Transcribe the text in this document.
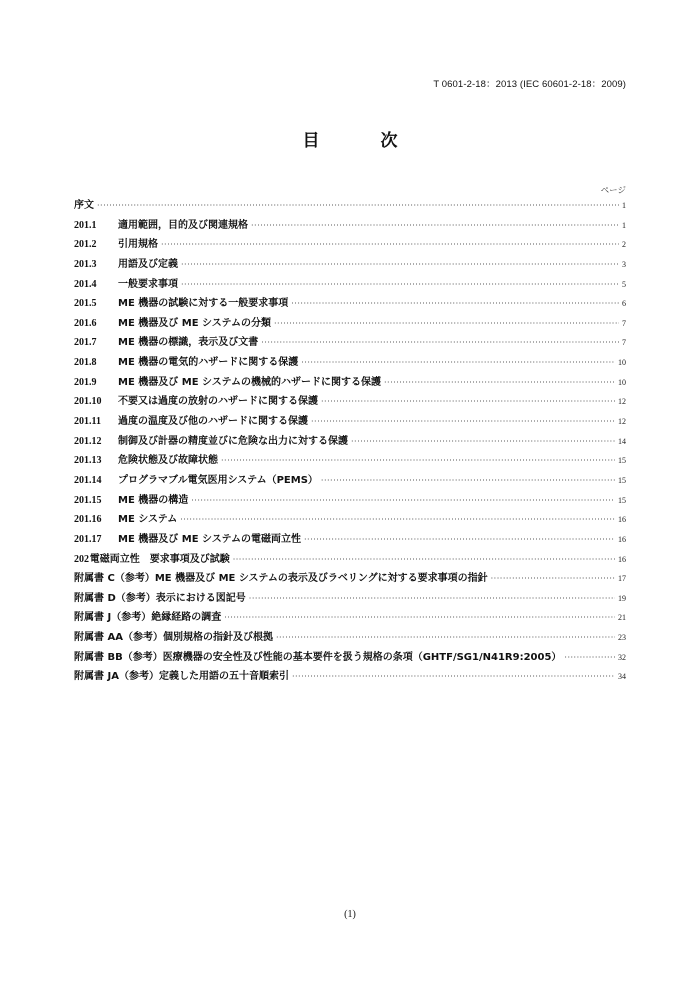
T 0601-2-18：2013 (IEC 60601-2-18：2009)
目　次
ページ
序文 ·····	1
201.1	適用範囲，目的及び関連規格 ·····	1
201.2	引用規格 ·····	2
201.3	用語及び定義 ·····	3
201.4	一般要求事項 ·····	5
201.5	ME 機器の試験に対する一般要求事項 ·····	6
201.6	ME 機器及び ME システムの分類 ·····	7
201.7	ME 機器の標識，表示及び文書 ·····	7
201.8	ME 機器の電気的ハザードに関する保護 ·····	10
201.9	ME 機器及び ME システムの機械的ハザードに関する保護 ·····	10
201.10	不要又は過度の放射のハザードに関する保護 ·····	12
201.11	過度の温度及び他のハザードに関する保護 ·····	12
201.12	制御及び計器の精度並びに危険な出力に対する保護 ·····	14
201.13	危険状態及び故障状態 ·····	15
201.14	プログラマブル電気医用システム（PEMS） ·····	15
201.15	ME 機器の構造 ·····	15
201.16	ME システム ·····	16
201.17	ME 機器及び ME システムの電磁両立性 ·····	16
202 電磁両立性　要求事項及び試験 ·····	16
附属書 C（参考）ME 機器及び ME システムの表示及びラベリングに対する要求事項の指針 ·····	17
附属書 D（参考）表示における図記号 ·····	19
附属書 J（参考）絶縁経路の調査 ·····	21
附属書 AA（参考）個別規格の指針及び根拠 ·····	23
附属書 BB（参考）医療機器の安全性及び性能の基本要件を扱う規格の条項（GHTF/SG1/N41R9:2005） ·····	32
附属書 JA（参考）定義した用語の五十音順索引 ·····	34
(1)
